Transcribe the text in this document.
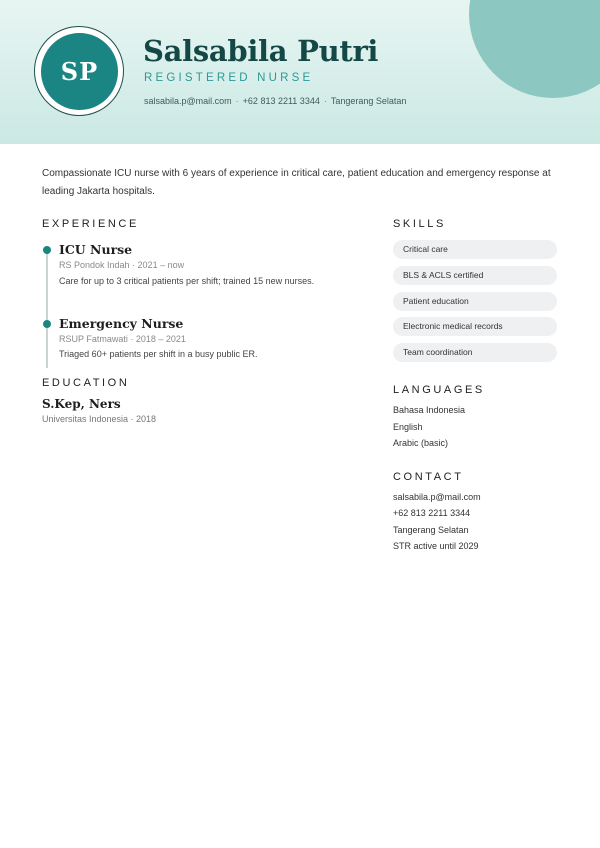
SP
Salsabila Putri
REGISTERED NURSE
salsabila.p@mail.com · +62 813 2211 3344 · Tangerang Selatan
Compassionate ICU nurse with 6 years of experience in critical care, patient education and emergency response at leading Jakarta hospitals.
EXPERIENCE
ICU Nurse
RS Pondok Indah · 2021 – now
Care for up to 3 critical patients per shift; trained 15 new nurses.
Emergency Nurse
RSUP Fatmawati · 2018 – 2021
Triaged 60+ patients per shift in a busy public ER.
EDUCATION
S.Kep, Ners
Universitas Indonesia · 2018
SKILLS
Critical care
BLS & ACLS certified
Patient education
Electronic medical records
Team coordination
LANGUAGES
Bahasa Indonesia
English
Arabic (basic)
CONTACT
salsabila.p@mail.com
+62 813 2211 3344
Tangerang Selatan
STR active until 2029
